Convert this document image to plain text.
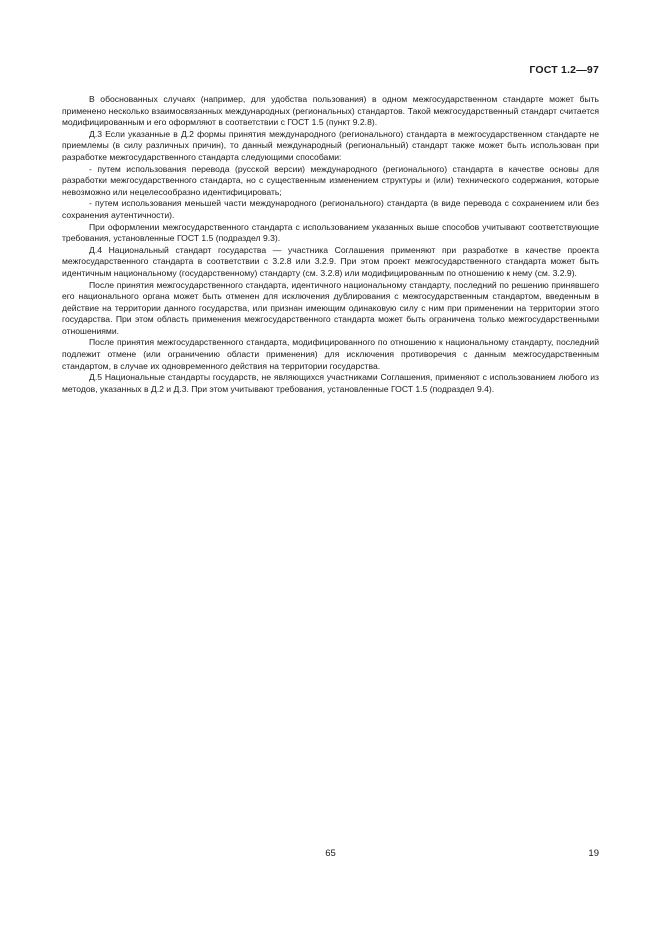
ГОСТ 1.2—97

В обоснованных случаях (например, для удобства пользования) в одном межгосударственном стандарте может быть применено несколько взаимосвязанных международных (региональных) стандартов. Такой межгосударственный стандарт считается модифицированным и его оформляют в соответствии с ГОСТ 1.5 (пункт 9.2.8).

Д.3 Если указанные в Д.2 формы принятия международного (регионального) стандарта в межгосударственном стандарте не приемлемы (в силу различных причин), то данный международный (региональный) стандарт также может быть использован при разработке межгосударственного стандарта следующими способами:

- путем использования перевода (русской версии) международного (регионального) стандарта в качестве основы для разработки межгосударственного стандарта, но с существенным изменением структуры и (или) технического содержания, которые невозможно или нецелесообразно идентифицировать;

- путем использования меньшей части международного (регионального) стандарта (в виде перевода с сохранением или без сохранения аутентичности).

При оформлении межгосударственного стандарта с использованием указанных выше способов учитывают соответствующие требования, установленные ГОСТ 1.5 (подраздел 9.3).

Д.4 Национальный стандарт государства — участника Соглашения применяют при разработке в качестве проекта межгосударственного стандарта в соответствии с 3.2.8 или 3.2.9. При этом проект межгосударственного стандарта может быть идентичным национальному (государственному) стандарту (см. 3.2.8) или модифицированным по отношению к нему (см. 3.2.9).

После принятия межгосударственного стандарта, идентичного национальному стандарту, последний по решению принявшего его национального органа может быть отменен для исключения дублирования с межгосударственным стандартом, введенным в действие на территории данного государства, или признан имеющим одинаковую силу с ним при применении на территории этого государства. При этом область применения межгосударственного стандарта может быть ограничена только межгосударственными отношениями.

После принятия межгосударственного стандарта, модифицированного по отношению к национальному стандарту, последний подлежит отмене (или ограничению области применения) для исключения противоречия с данным межгосударственным стандартом, в случае их одновременного действия на территории государства.

Д.5 Национальные стандарты государств, не являющихся участниками Соглашения, применяют с использованием любого из методов, указанных в Д.2 и Д.3. При этом учитывают требования, установленные ГОСТ 1.5 (подраздел 9.4).

65	19
